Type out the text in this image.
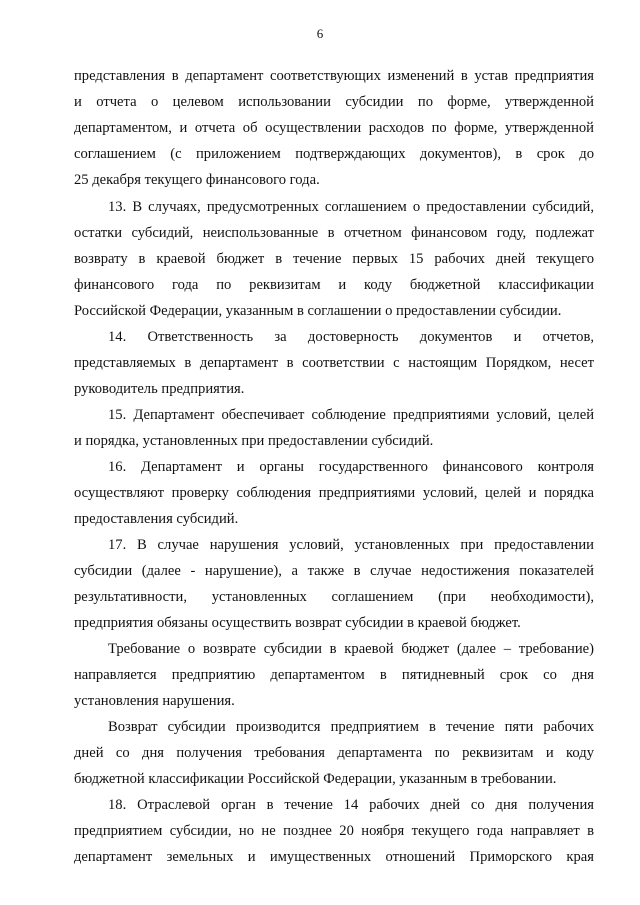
6
представления в департамент соответствующих изменений в устав предприятия
и отчета о целевом использовании субсидии по форме, утвержденной
департаментом, и отчета об осуществлении расходов по форме, утвержденной
соглашением (с приложением подтверждающих документов), в срок до
25 декабря текущего финансового года.
13. В случаях, предусмотренных соглашением о предоставлении субсидий,
остатки субсидий, неиспользованные в отчетном финансовом году, подлежат
возврату в краевой бюджет в течение первых 15 рабочих дней текущего
финансового года по реквизитам и коду бюджетной классификации
Российской Федерации, указанным в соглашении о предоставлении субсидии.
14. Ответственность за достоверность документов и отчетов,
представляемых в департамент в соответствии с настоящим Порядком, несет
руководитель предприятия.
15. Департамент обеспечивает соблюдение предприятиями условий, целей
и порядка, установленных при предоставлении субсидий.
16. Департамент и органы государственного финансового контроля
осуществляют проверку соблюдения предприятиями условий, целей и порядка
предоставления субсидий.
17. В случае нарушения условий, установленных при предоставлении
субсидии (далее - нарушение), а также в случае недостижения показателей
результативности, установленных соглашением (при необходимости),
предприятия обязаны осуществить возврат субсидии в краевой бюджет.
Требование о возврате субсидии в краевой бюджет (далее – требование)
направляется предприятию департаментом в пятидневный срок со дня
установления нарушения.
Возврат субсидии производится предприятием в течение пяти рабочих
дней со дня получения требования департамента по реквизитам и коду
бюджетной классификации Российской Федерации, указанным в требовании.
18. Отраслевой орган в течение 14 рабочих дней со дня получения
предприятием субсидии, но не позднее 20 ноября текущего года направляет в
департамент земельных и имущественных отношений Приморского края
